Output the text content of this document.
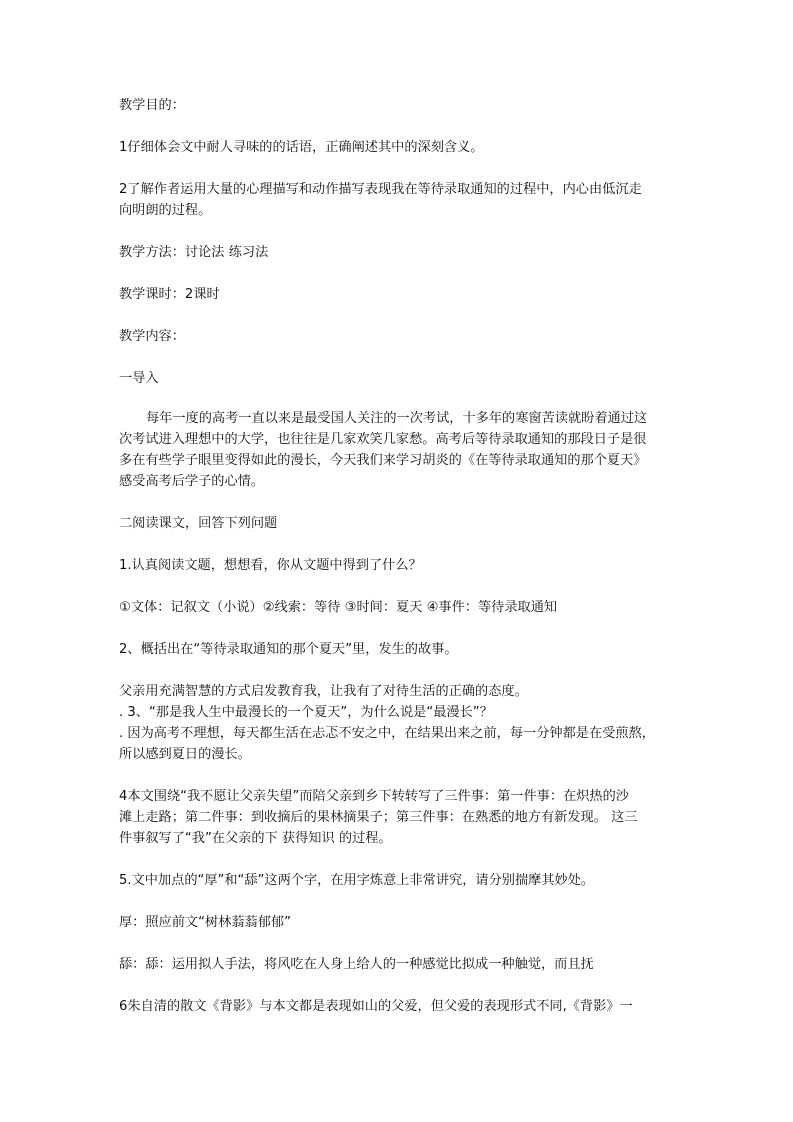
教学目的：
1仔细体会文中耐人寻味的的话语，正确阐述其中的深刻含义。
2了解作者运用大量的心理描写和动作描写表现我在等待录取通知的过程中，内心由低沉走
向明朗的过程。
教学方法：讨论法 练习法
教学课时：2课时
教学内容：
一导入
每年一度的高考一直以来是最受国人关注的一次考试，十多年的寒窗苦读就盼着通过这
次考试进入理想中的大学，也往往是几家欢笑几家愁。高考后等待录取通知的那段日子是很
多在有些学子眼里变得如此的漫长，今天我们来学习胡炎的《在等待录取通知的那个夏天》
感受高考后学子的心情。
二阅读课文，回答下列问题
1.认真阅读文题，想想看，你从文题中得到了什么？
①文体：记叙文（小说）②线索：等待 ③时间：夏天 ④事件：等待录取通知
2、概括出在“等待录取通知的那个夏天”里，发生的故事。
父亲用充满智慧的方式启发教育我，让我有了对待生活的正确的态度。
. 3、“那是我人生中最漫长的一个夏天”，为什么说是“最漫长”？
. 因为高考不理想，每天都生活在忐忑不安之中，在结果出来之前，每一分钟都是在受煎熬，
所以感到夏日的漫长。
4本文围绕“我不愿让父亲失望”而陪父亲到乡下转转写了三件事：第一件事：在炽热的沙
滩上走路；第二件事：到收摘后的果林摘果子；第三件事：在熟悉的地方有新发现。 这三
件事叙写了“我”在父亲的下 获得知识 的过程。
5.文中加点的“厚”和“舔”这两个字，在用字炼意上非常讲究，请分别揣摩其妙处。
厚：照应前文“树林蓊蓊郁郁”
舔：舔：运用拟人手法，将风吃在人身上给人的一种感觉比拟成一种触觉，而且抚
6朱自清的散文《背影》与本文都是表现如山的父爱，但父爱的表现形式不同,《背影》一
